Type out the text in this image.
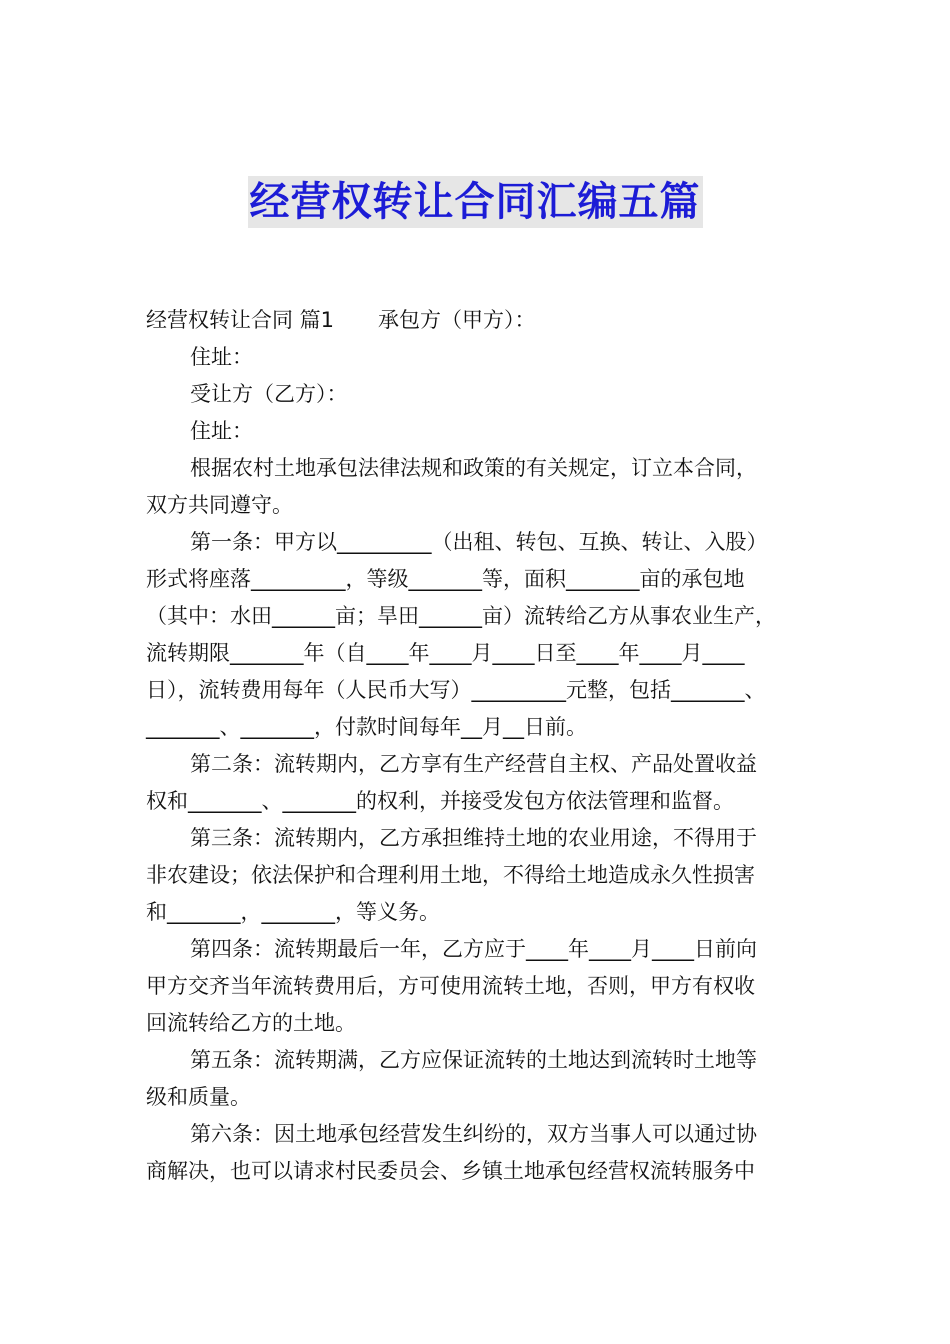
经营权转让合同汇编五篇
经营权转让合同 篇1 承包方（甲方）：
住址：
受让方（乙方）：
住址：
根据农村土地承包法律法规和政策的有关规定，订立本合同，
双方共同遵守。
第一条：甲方以_________（出租、转包、互换、转让、入股）
形式将座落_________，等级_______等，面积_______亩的承包地
（其中：水田______亩；旱田______亩）流转给乙方从事农业生产，
流转期限_______年（自____年____月____日至____年____月____
日），流转费用每年（人民币大写）_________元整，包括_______、
_______、_______，付款时间每年__月__日前。
第二条：流转期内，乙方享有生产经营自主权、产品处置收益
权和_______、_______的权利，并接受发包方依法管理和监督。
第三条：流转期内，乙方承担维持土地的农业用途，不得用于
非农建设；依法保护和合理利用土地，不得给土地造成永久性损害
和_______，_______，等义务。
第四条：流转期最后一年，乙方应于____年____月____日前向
甲方交齐当年流转费用后，方可使用流转土地，否则，甲方有权收
回流转给乙方的土地。
第五条：流转期满，乙方应保证流转的土地达到流转时土地等
级和质量。
第六条：因土地承包经营发生纠纷的，双方当事人可以通过协
商解决，也可以请求村民委员会、乡镇土地承包经营权流转服务中
